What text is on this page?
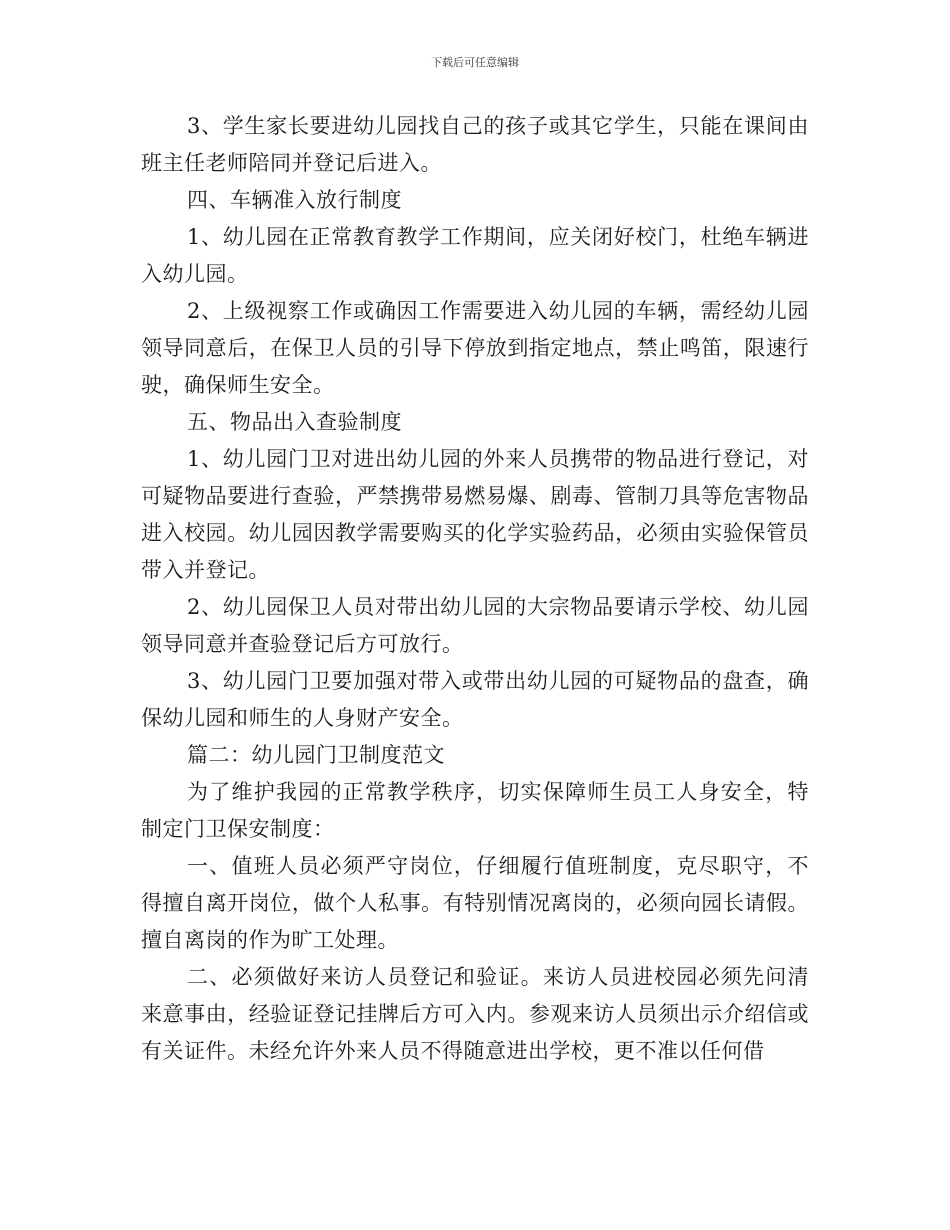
下载后可任意编辑

3、学生家长要进幼儿园找自己的孩子或其它学生，只能在课间由班主任老师陪同并登记后进入。

四、车辆准入放行制度

1、幼儿园在正常教育教学工作期间，应关闭好校门，杜绝车辆进入幼儿园。

2、上级视察工作或确因工作需要进入幼儿园的车辆，需经幼儿园领导同意后，在保卫人员的引导下停放到指定地点，禁止鸣笛，限速行驶，确保师生安全。

五、物品出入查验制度

1、幼儿园门卫对进出幼儿园的外来人员携带的物品进行登记，对可疑物品要进行查验，严禁携带易燃易爆、剧毒、管制刀具等危害物品进入校园。幼儿园因教学需要购买的化学实验药品，必须由实验保管员带入并登记。

2、幼儿园保卫人员对带出幼儿园的大宗物品要请示学校、幼儿园领导同意并查验登记后方可放行。

3、幼儿园门卫要加强对带入或带出幼儿园的可疑物品的盘查，确保幼儿园和师生的人身财产安全。

篇二：幼儿园门卫制度范文

为了维护我园的正常教学秩序，切实保障师生员工人身安全，特制定门卫保安制度：

一、值班人员必须严守岗位，仔细履行值班制度，克尽职守，不得擅自离开岗位，做个人私事。有特别情况离岗的，必须向园长请假。擅自离岗的作为旷工处理。

二、必须做好来访人员登记和验证。来访人员进校园必须先问清来意事由，经验证登记挂牌后方可入内。参观来访人员须出示介绍信或有关证件。未经允许外来人员不得随意进出学校，更不准以任何借
